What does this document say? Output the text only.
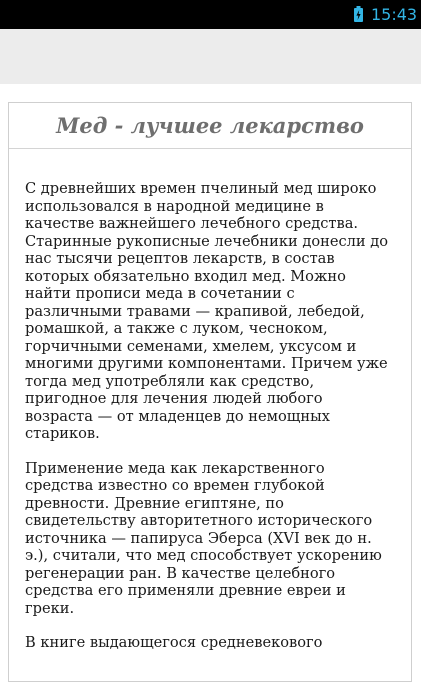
15:43
Мед - лучшее лекарство

С древнейших времен пчелиный мед широко использовался в народной медицине в качестве важнейшего лечебного средства. Старинные рукописные лечебники донесли до нас тысячи рецептов лекарств, в состав которых обязательно входил мед. Можно найти прописи меда в сочетании с различными травами — крапивой, лебедой, ромашкой, а также с луком, чесноком, горчичными семенами, хмелем, уксусом и многими другими компонентами. Причем уже тогда мед употребляли как средство, пригодное для лечения людей любого возраста — от младенцев до немощных стариков.

Применение меда как лекарственного средства известно со времен глубокой древности. Древние египтяне, по свидетельству авторитетного исторического источника — папируса Эберса (XVI век до н. э.), считали, что мед способствует ускорению регенерации ран. В качестве целебного средства его применяли древние евреи и греки.

В книге выдающегося средневекового
